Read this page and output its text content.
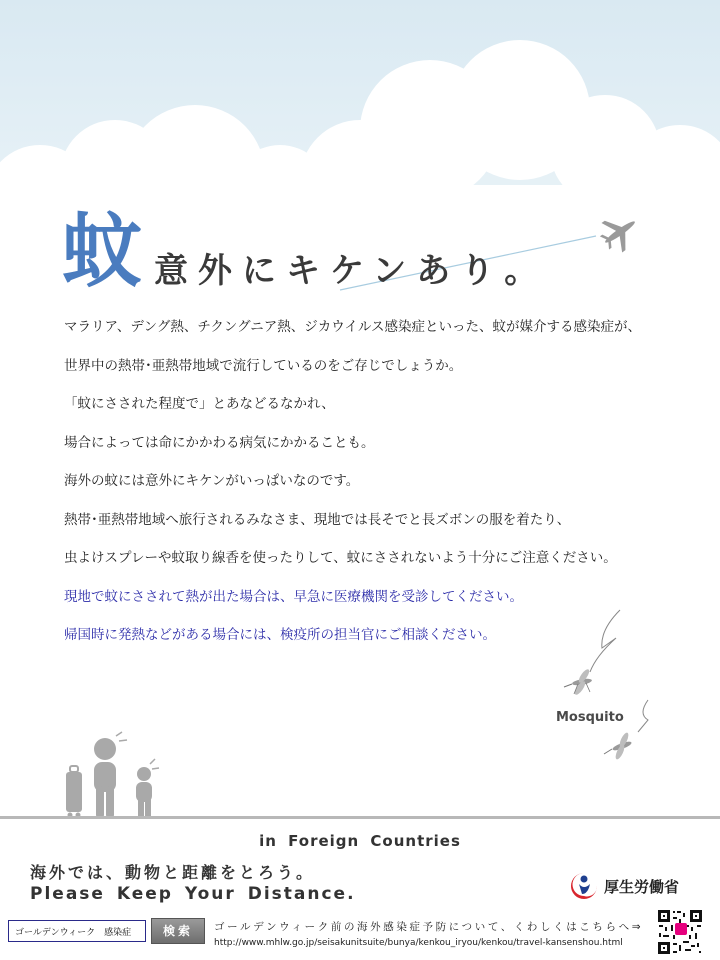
蚊 意外にキケンあり。

マラリア、デング熱、チクングニア熱、ジカウイルス感染症といった、蚊が媒介する感染症が、

世界中の熱帯･亜熱帯地域で流行しているのをご存じでしょうか。

「蚊にさされた程度で」とあなどるなかれ、

場合によっては命にかかわる病気にかかることも。

海外の蚊には意外にキケンがいっぱいなのです。

熱帯･亜熱帯地域へ旅行されるみなさま、現地では長そでと長ズボンの服を着たり、

虫よけスプレーや蚊取り線香を使ったりして、蚊にさされないよう十分にご注意ください。

現地で蚊にさされて熱が出た場合は、早急に医療機関を受診してください。

帰国時に発熱などがある場合には、検疫所の担当官にご相談ください。

Mosquito
in Foreign Countries
海外では、動物と距離をとろう。
Please Keep Your Distance.	厚生労働省
ゴールデンウィーク　感染症
検索	ゴールデンウィーク前の海外感染症予防について、くわしくはこちらへ⇒
http://www.mhlw.go.jp/seisakunitsuite/bunya/kenkou_iryou/kenkou/travel-kansenshou.html
